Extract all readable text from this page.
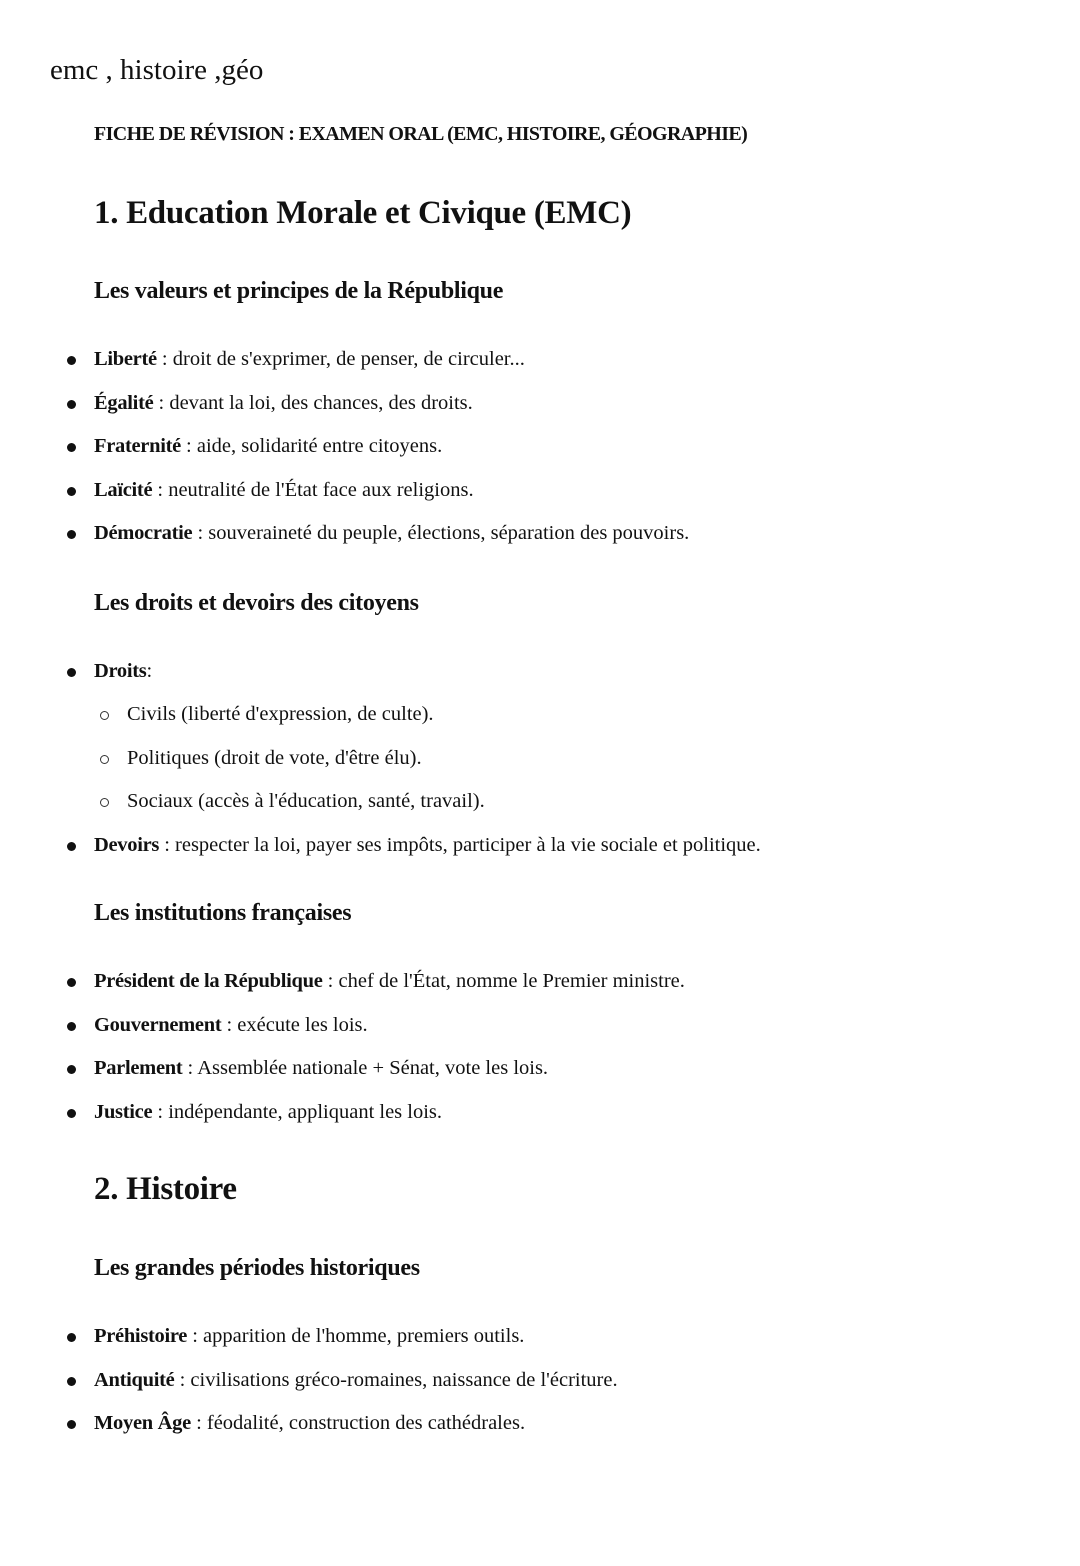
emc , histoire ,géo
FICHE DE RÉVISION : EXAMEN ORAL (EMC, HISTOIRE, GÉOGRAPHIE)
1. Education Morale et Civique (EMC)
Les valeurs et principes de la République
Liberté : droit de s'exprimer, de penser, de circuler...
Égalité : devant la loi, des chances, des droits.
Fraternité : aide, solidarité entre citoyens.
Laïcité : neutralité de l'État face aux religions.
Démocratie : souveraineté du peuple, élections, séparation des pouvoirs.
Les droits et devoirs des citoyens
Droits:
Civils (liberté d'expression, de culte).
Politiques (droit de vote, d'être élu).
Sociaux (accès à l'éducation, santé, travail).
Devoirs : respecter la loi, payer ses impôts, participer à la vie sociale et politique.
Les institutions françaises
Président de la République : chef de l'État, nomme le Premier ministre.
Gouvernement : exécute les lois.
Parlement : Assemblée nationale + Sénat, vote les lois.
Justice : indépendante, appliquant les lois.
2. Histoire
Les grandes périodes historiques
Préhistoire : apparition de l'homme, premiers outils.
Antiquité : civilisations gréco-romaines, naissance de l'écriture.
Moyen Âge : féodalité, construction des cathédrales.
